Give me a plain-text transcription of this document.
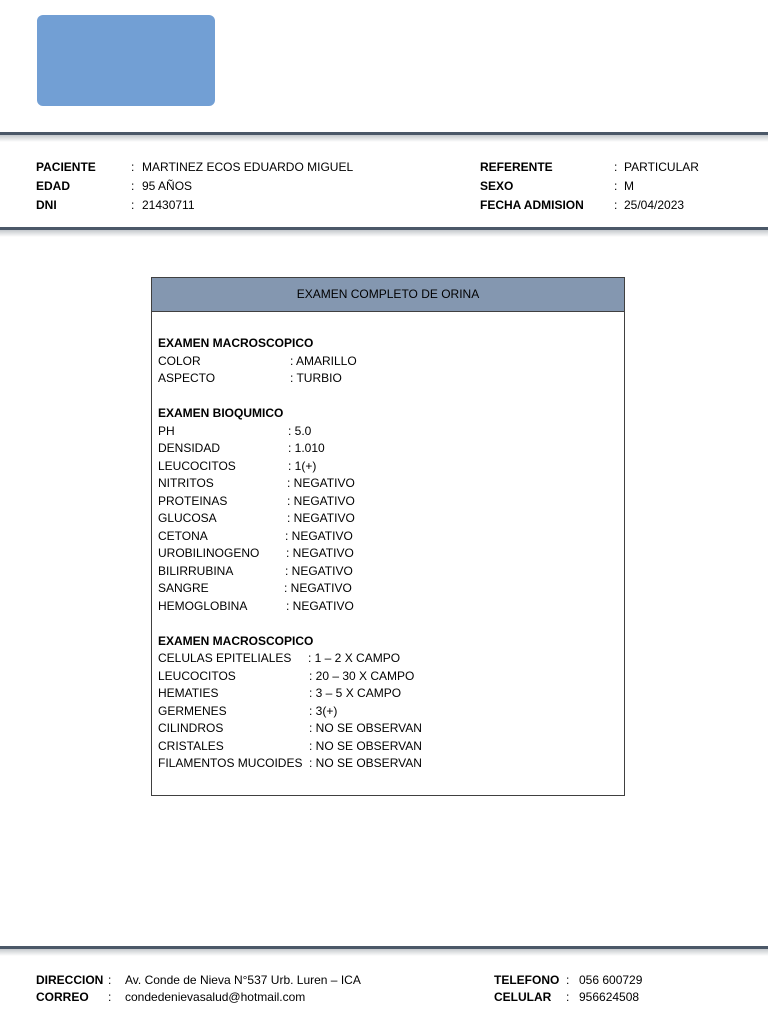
PACIENTE	: MARTINEZ ECOS EDUARDO MIGUEL
EDAD	: 95 AÑOS
DNI	: 21430711
REFERENTE	: PARTICULAR
SEXO	: M
FECHA ADMISION	: 25/04/2023
EXAMEN COMPLETO DE ORINA
EXAMEN MACROSCOPICO
COLOR	: AMARILLO
ASPECTO	: TURBIO
EXAMEN BIOQUMICO
PH	: 5.0
DENSIDAD	: 1.010
LEUCOCITOS	: 1(+)
NITRITOS	: NEGATIVO
PROTEINAS	: NEGATIVO
GLUCOSA	: NEGATIVO
CETONA	: NEGATIVO
UROBILINOGENO : NEGATIVO
BILIRRUBINA	: NEGATIVO
SANGRE	: NEGATIVO
HEMOGLOBINA	: NEGATIVO
EXAMEN MACROSCOPICO
CELULAS EPITELIALES : 1 – 2 X CAMPO
LEUCOCITOS	: 20 – 30 X CAMPO
HEMATIES	: 3 – 5 X CAMPO
GERMENES	: 3(+)
CILINDROS	: NO SE OBSERVAN
CRISTALES	: NO SE OBSERVAN
FILAMENTOS MUCOIDES : NO SE OBSERVAN
DIRECCION : Av. Conde de Nieva N°537 Urb. Luren – ICA
CORREO : condedenievasalud@hotmail.com
TELEFONO : 056 600729
CELULAR : 956624508
